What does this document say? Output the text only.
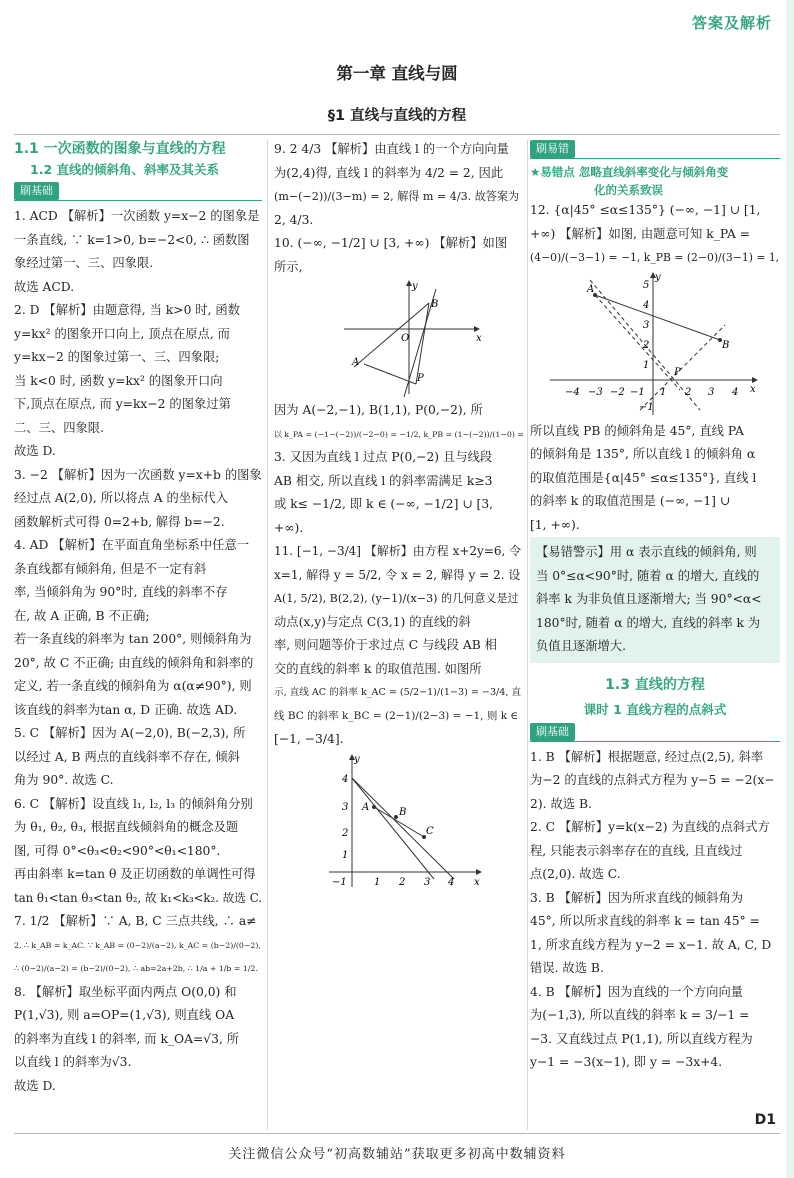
答案及解析
第一章 直线与圆
§1 直线与直线的方程
1.1 一次函数的图象与直线的方程
1.2 直线的倾斜角、斜率及其关系
刷基础
1. ACD 【解析】一次函数 y=x−2 的图象是
一条直线, ∵ k=1>0, b=−2<0, ∴ 函数图
象经过第一、三、四象限.
故选 ACD.
2. D 【解析】由题意得, 当 k>0 时, 函数
y=kx² 的图象开口向上, 顶点在原点, 而
y=kx−2 的图象过第一、三、四象限;
当 k<0 时, 函数 y=kx² 的图象开口向
下,顶点在原点, 而 y=kx−2 的图象过第
二、三、四象限.
故选 D.
3. −2 【解析】因为一次函数 y=x+b 的图象
经过点 A(2,0), 所以将点 A 的坐标代入
函数解析式可得 0=2+b, 解得 b=−2.
4. AD 【解析】在平面直角坐标系中任意一
条直线都有倾斜角, 但是不一定有斜
率, 当倾斜角为 90°时, 直线的斜率不存
在, 故 A 正确, B 不正确;
若一条直线的斜率为 tan 200°, 则倾斜角为
20°, 故 C 不正确; 由直线的倾斜角和斜率的
定义, 若一条直线的倾斜角为 α(α≠90°), 则
该直线的斜率为tan α, D 正确. 故选 AD.
5. C 【解析】因为 A(−2,0), B(−2,3), 所
以经过 A, B 两点的直线斜率不存在, 倾斜
角为 90°. 故选 C.
6. C 【解析】设直线 l₁, l₂, l₃ 的倾斜角分别
为 θ₁, θ₂, θ₃, 根据直线倾斜角的概念及题
图, 可得 0°<θ₃<θ₂<90°<θ₁<180°.
再由斜率 k=tan θ 及正切函数的单调性可得
tan θ₁<tan θ₃<tan θ₂, 故 k₁<k₃<k₂. 故选 C.
7. 1/2 【解析】∵ A, B, C 三点共线, ∴ a≠
2, ∴ k_AB = k_AC. ∵ k_AB = (0−2)/(a−2), k_AC = (b−2)/(0−2),
∴ (0−2)/(a−2) = (b−2)/(0−2), ∴ ab=2a+2b, ∴ 1/a + 1/b = 1/2.
8. 【解析】取坐标平面内两点 O(0,0) 和
P(1,√3), 则 a=OP=(1,√3), 则直线 OA
的斜率为直线 l 的斜率, 而 k_OA=√3, 所
以直线 l 的斜率为√3.
故选 D.
9. 2 4/3 【解析】由直线 l 的一个方向向量
为(2,4)得, 直线 l 的斜率为 4/2 = 2, 因此
(m−(−2))/(3−m) = 2, 解得 m = 4/3. 故答案为
2, 4/3.
10. (−∞, −1/2] ∪ [3, +∞) 【解析】如图
所示,
A
B
P
O	x
y
因为 A(−2,−1), B(1,1), P(0,−2), 所
以 k_PA = (−1−(−2))/(−2−0) = −1/2, k_PB = (1−(−2))/(1−0) =
3. 又因为直线 l 过点 P(0,−2) 且与线段
AB 相交, 所以直线 l 的斜率需满足 k≥3
或 k≤ −1/2, 即 k ∈ (−∞, −1/2] ∪ [3,
+∞).
11. [−1, −3/4] 【解析】由方程 x+2y=6, 令
x=1, 解得 y = 5/2, 令 x = 2, 解得 y = 2. 设
A(1, 5/2), B(2,2), (y−1)/(x−3) 的几何意义是过
动点(x,y)与定点 C(3,1) 的直线的斜
率, 则问题等价于求过点 C 与线段 AB 相
交的直线的斜率 k 的取值范围. 如图所
示, 直线 AC 的斜率 k_AC = (5/2−1)/(1−3) = −3/4, 直
线 BC 的斜率 k_BC = (2−1)/(2−3) = −1, 则 k ∈
[−1, −3/4].
A	B
C
4
3
2
1
−1	1 2 3 4
y
x
刷易错
★易错点 忽略直线斜率变化与倾斜角变
化的关系致误
12. {α|45° ≤α≤135°} (−∞, −1] ∪ [1,
+∞) 【解析】如图, 由题意可知 k_PA =
(4−0)/(−3−1) = −1, k_PB = (2−0)/(3−1) = 1,
A
B
P
5
4
3
2
1
−4 −3 −2 −1 1 2 3 4
−1
y
x
所以直线 PB 的倾斜角是 45°, 直线 PA
的倾斜角是 135°, 所以直线 l 的倾斜角 α
的取值范围是{α|45° ≤α≤135°}, 直线 l
的斜率 k 的取值范围是 (−∞, −1] ∪
[1, +∞).
【易错警示】用 α 表示直线的倾斜角, 则
当 0°≤α<90°时, 随着 α 的增大, 直线的
斜率 k 为非负值且逐渐增大; 当 90°<α<
180°时, 随着 α 的增大, 直线的斜率 k 为
负值且逐渐增大.
1.3 直线的方程
课时 1 直线方程的点斜式
刷基础
1. B 【解析】根据题意, 经过点(2,5), 斜率
为−2 的直线的点斜式方程为 y−5 = −2(x−
2). 故选 B.
2. C 【解析】y=k(x−2) 为直线的点斜式方
程, 只能表示斜率存在的直线, 且直线过
点(2,0). 故选 C.
3. B 【解析】因为所求直线的倾斜角为
45°, 所以所求直线的斜率 k = tan 45° =
1, 所求直线方程为 y−2 = x−1. 故 A, C, D
错误. 故选 B.
4. B 【解析】因为直线的一个方向向量
为(−1,3), 所以直线的斜率 k = 3/−1 =
−3. 又直线过点 P(1,1), 所以直线方程为
y−1 = −3(x−1), 即 y = −3x+4.
D1
关注微信公众号“初高数辅站”获取更多初高中数辅资料
